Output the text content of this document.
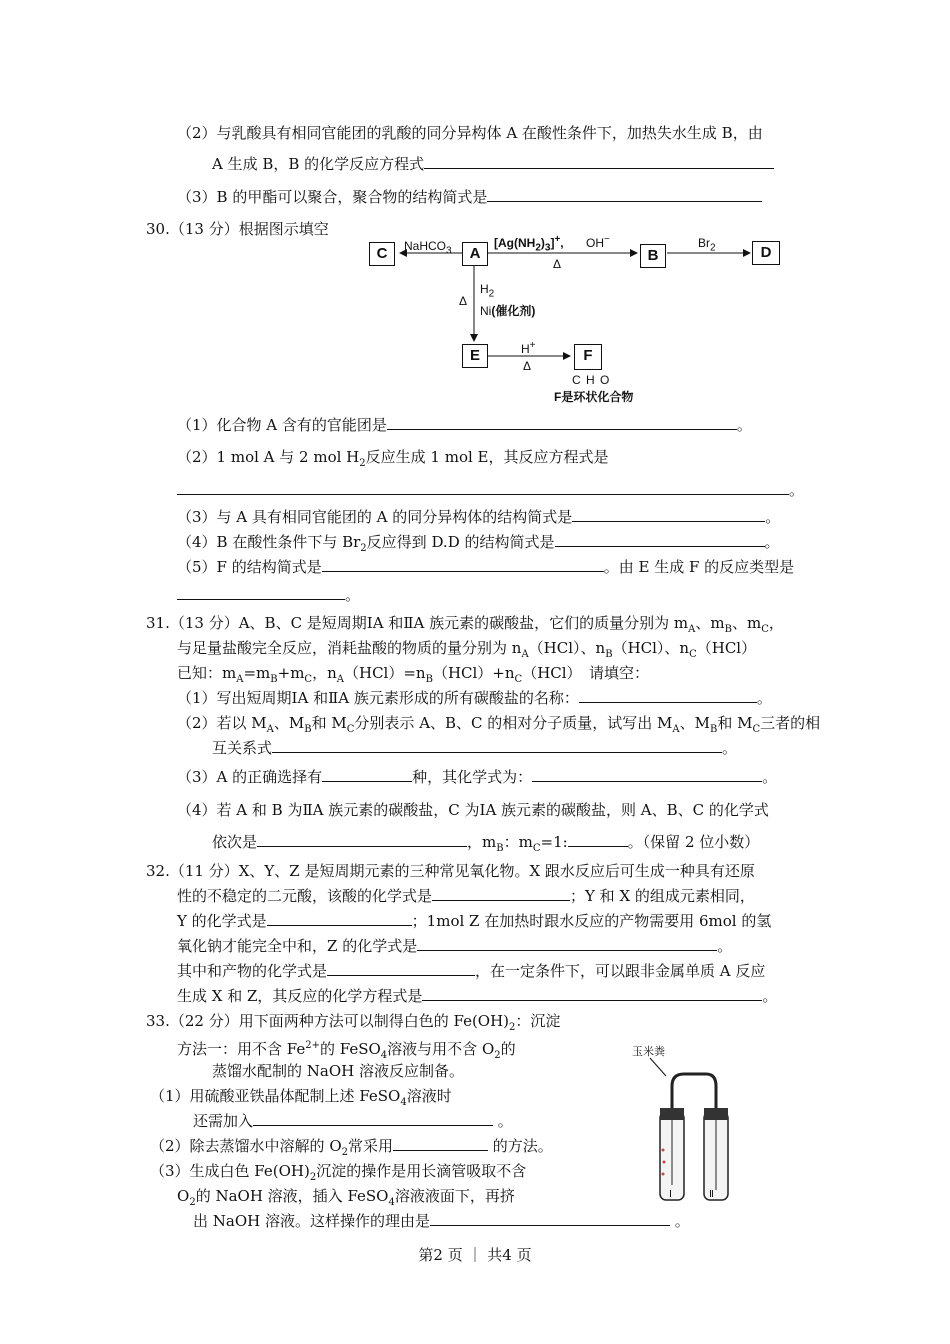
（2）与乳酸具有相同官能团的乳酸的同分异构体 A 在酸性条件下，加热失水生成 B，由
A 生成 B，B 的化学反应方程式
（3）B 的甲酯可以聚合，聚合物的结构简式是
30.（13 分）根据图示填空
C	A	B	D
E	F
NaHCO$_3$
$[Ag(NH_2)_3]^+$, OH−
Δ
$Br_2$
$H_2$
Δ
Ni(催化剂)
H+
Δ
C H O
F是环状化合物
（1）化合物 A 含有的官能团是	。
（2）1 mol A 与 2 mol $H_2$反应生成 1 mol E，其反应方程式是
。
（3）与 A 具有相同官能团的 A 的同分异构体的结构简式是	。
（4）B 在酸性条件下与 $Br_2$反应得到 D.D 的结构简式是	。
（5）F 的结构简式是	。由 E 生成 F 的反应类型是
。
31.（13 分）A、B、C 是短周期ⅠA 和ⅡA 族元素的碳酸盐，它们的质量分别为 $m_A$、$m_B$、$m_C$，
与足量盐酸完全反应，消耗盐酸的物质的量分别为 $n_A(HCl)$、$n_B(HCl)$、$n_C(HCl)$
已知：$m_A=m_B+m_C$，$n_A(HCl)=n_B(HCl)+n_C(HCl)$　请填空：
（1）写出短周期ⅠA 和ⅡA 族元素形成的所有碳酸盐的名称：	。
（2）若以 $M_A$、$M_B$和 $M_C$分别表示 A、B、C 的相对分子质量，试写出 $M_A$、$M_B$和 $M_C$三者的相
互关系式	。
（3）A 的正确选择有	种，其化学式为：	。
（4）若 A 和 B 为ⅡA 族元素的碳酸盐，C 为ⅠA 族元素的碳酸盐，则 A、B、C 的化学式
依次是	，$m_B$：$m_C=1$:	。（保留 2 位小数）
32.（11 分）X、Y、Z 是短周期元素的三种常见氧化物。X 跟水反应后可生成一种具有还原
性的不稳定的二元酸，该酸的化学式是	；Y 和 X 的组成元素相同，
Y 的化学式是	；1mol Z 在加热时跟水反应的产物需要用 6mol 的氢
氧化钠才能完全中和，Z 的化学式是	。
其中和产物的化学式是	，在一定条件下，可以跟非金属单质 A 反应
生成 X 和 Z，其反应的化学方程式是	。
33.（22 分）用下面两种方法可以制得白色的 $Fe(OH)_2$：沉淀
方法一：用不含 $Fe^{2+}$的 FeSO$_4$溶液与用不含 $O_2$的
蒸馏水配制的 NaOH 溶液反应制备。
（1）用硫酸亚铁晶体配制上述 FeSO$_4$溶液时
还需加入	。
（2）除去蒸馏水中溶解的 $O_2$常采用	的方法。
（3）生成白色 $Fe(OH)_2$沉淀的操作是用长滴管吸取不含
$O_2$的 NaOH 溶液，插入 FeSO$_4$溶液液面下，再挤
出 NaOH 溶液。这样操作的理由是	。
玉米粪
Ⅰ	Ⅱ
第2 页 ｜ 共4 页
